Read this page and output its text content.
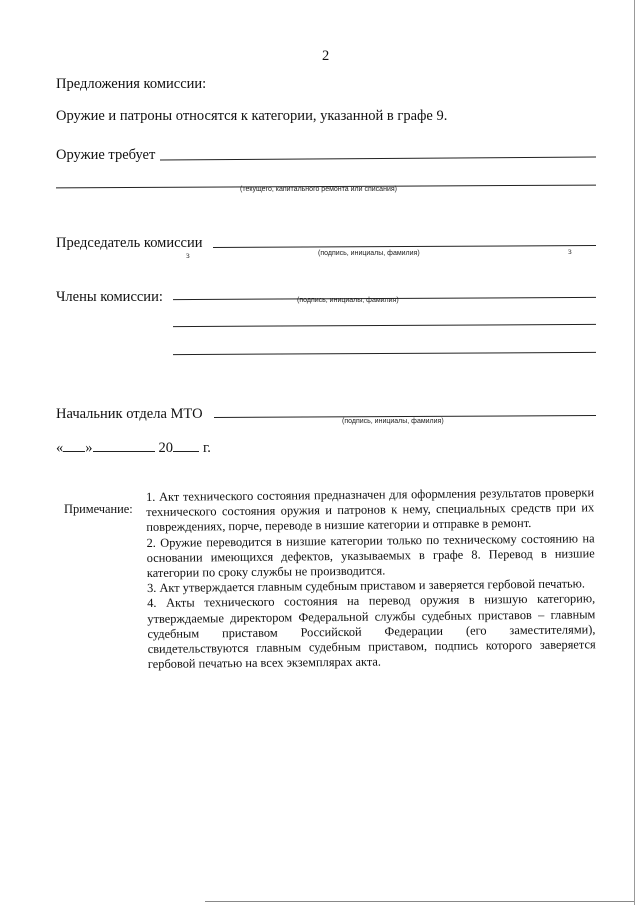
2
Предложения комиссии:
Оружие и патроны относятся к категории, указанной в графе 9.
Оружие требует
(текущего, капитального ремонта или списания)
Председатель комиссии
(подпись, инициалы, фамилия)
ɜ	ɜ
Члены комиссии:	(подпись, инициалы, фамилия)
Начальник отдела МТО	(подпись, инициалы, фамилия)
« »	20 г.
Примечание:

1. Акт технического состояния предназначен для оформления результатов проверки технического состояния оружия и патронов к нему, специальных средств при их повреждениях, порче, переводе в низшие категории и отправке в ремонт.

2. Оружие переводится в низшие категории только по техническому состоянию на основании имеющихся дефектов, указываемых в графе 8. Перевод в низшие категории по сроку службы не производится.

3. Акт утверждается главным судебным приставом и заверяется гербовой печатью.

4. Акты технического состояния на перевод оружия в низшую категорию, утверждаемые директором Федеральной службы судебных приставов – главным судебным приставом Российской Федерации (его заместителями), свидетельствуются главным судебным приставом, подпись которого заверяется гербовой печатью на всех экземплярах акта.
